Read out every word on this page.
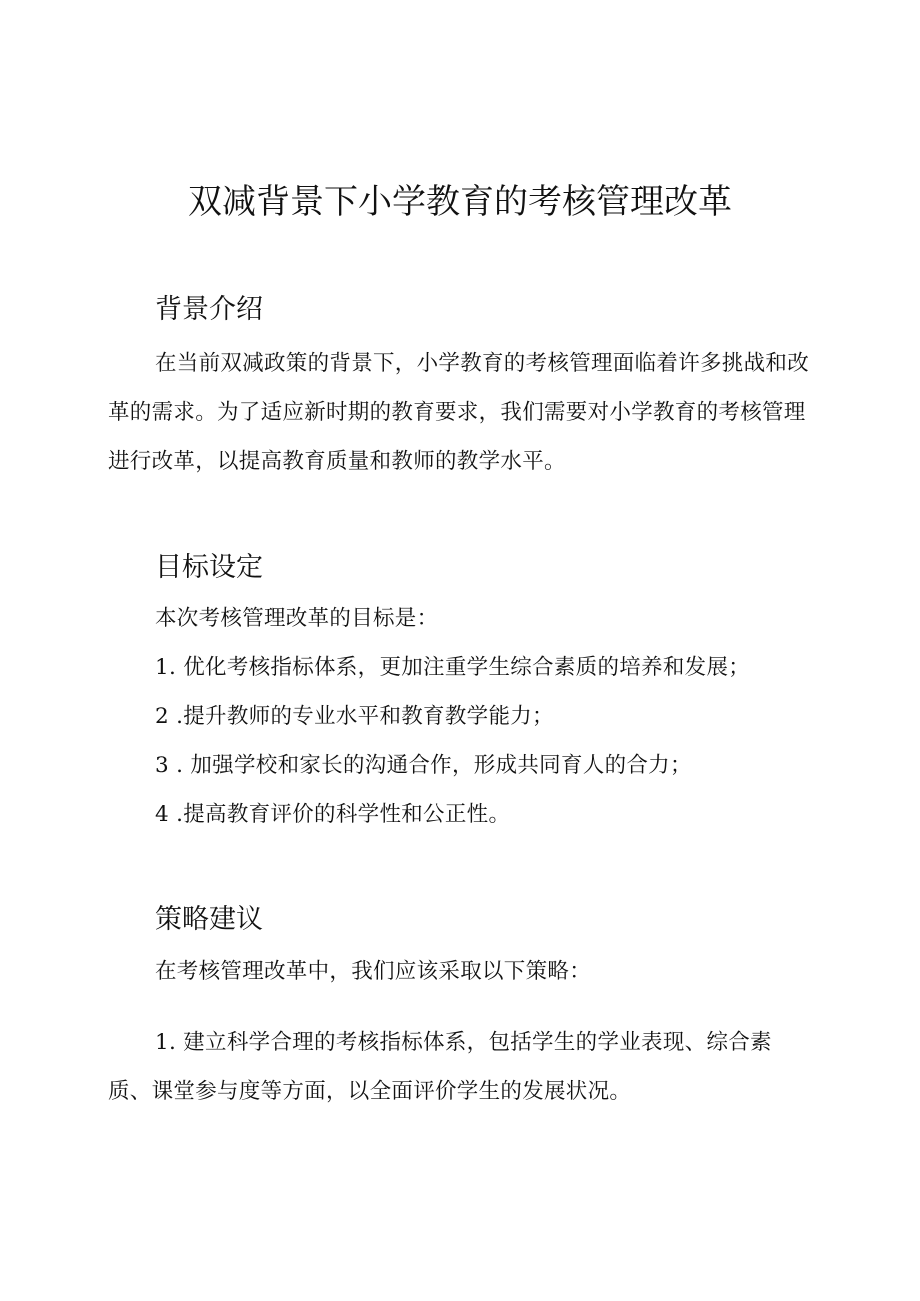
双减背景下小学教育的考核管理改革
背景介绍

在当前双减政策的背景下，小学教育的考核管理面临着许多挑战和改革的需求。为了适应新时期的教育要求，我们需要对小学教育的考核管理进行改革，以提高教育质量和教师的教学水平。

目标设定

本次考核管理改革的目标是：

1. 优化考核指标体系，更加注重学生综合素质的培养和发展；

2 .提升教师的专业水平和教育教学能力；

3 . 加强学校和家长的沟通合作，形成共同育人的合力；

4 .提高教育评价的科学性和公正性。

策略建议

在考核管理改革中，我们应该采取以下策略：

1. 建立科学合理的考核指标体系，包括学生的学业表现、综合素质、课堂参与度等方面，以全面评价学生的发展状况。
